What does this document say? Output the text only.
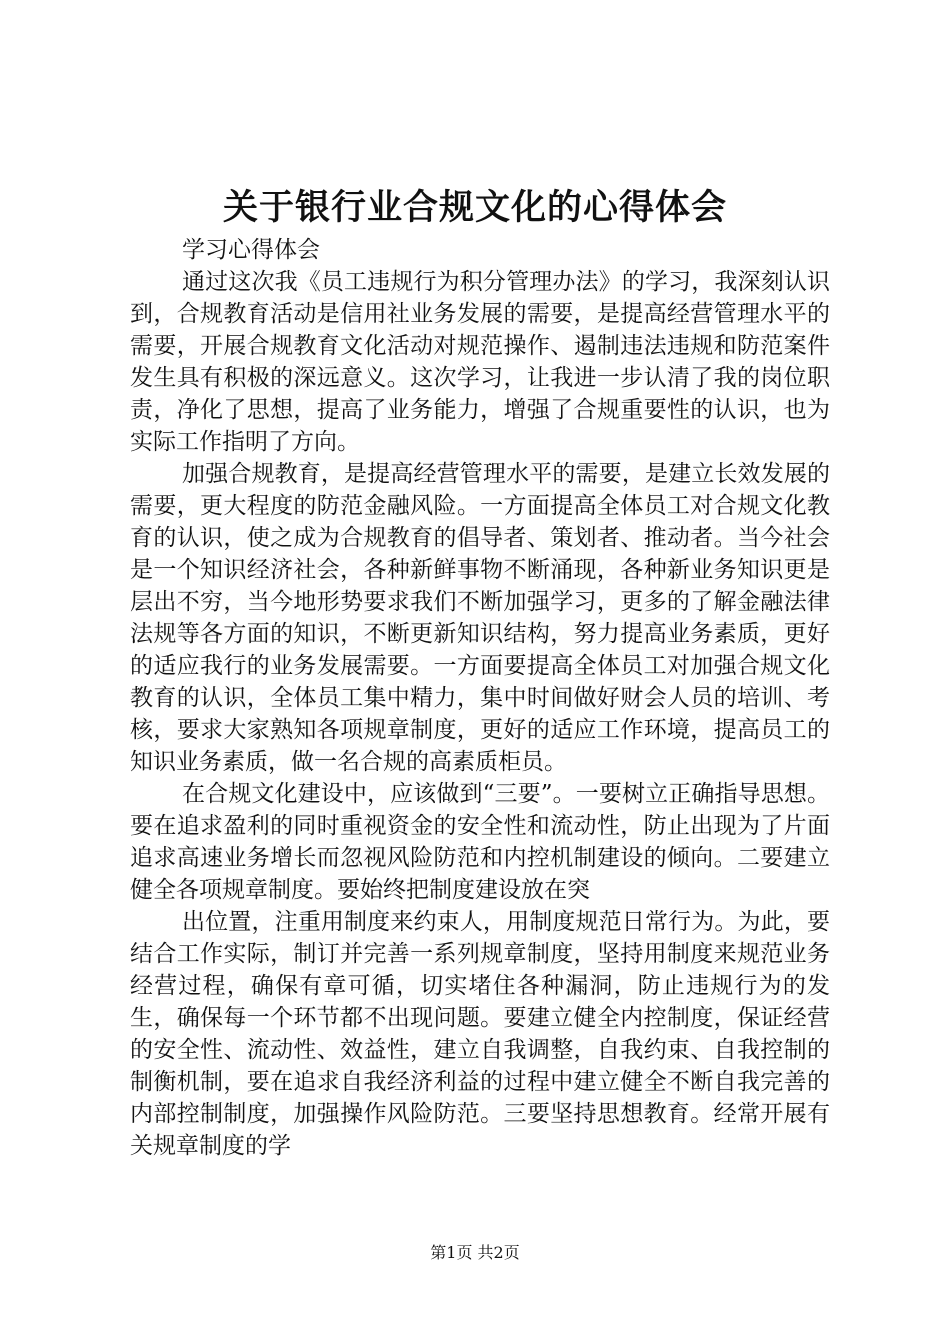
关于银行业合规文化的心得体会

学习心得体会

通过这次我《员工违规行为积分管理办法》的学习，我深刻认识到，合规教育活动是信用社业务发展的需要，是提高经营管理水平的需要，开展合规教育文化活动对规范操作、遏制违法违规和防范案件发生具有积极的深远意义。这次学习，让我进一步认清了我的岗位职责，净化了思想，提高了业务能力，增强了合规重要性的认识，也为实际工作指明了方向。

加强合规教育，是提高经营管理水平的需要，是建立长效发展的需要，更大程度的防范金融风险。一方面提高全体员工对合规文化教育的认识，使之成为合规教育的倡导者、策划者、推动者。当今社会是一个知识经济社会，各种新鲜事物不断涌现，各种新业务知识更是层出不穷，当今地形势要求我们不断加强学习，更多的了解金融法律法规等各方面的知识，不断更新知识结构，努力提高业务素质，更好的适应我行的业务发展需要。一方面要提高全体员工对加强合规文化教育的认识，全体员工集中精力，集中时间做好财会人员的培训、考核，要求大家熟知各项规章制度，更好的适应工作环境，提高员工的知识业务素质，做一名合规的高素质柜员。

在合规文化建设中，应该做到“三要”。一要树立正确指导思想。要在追求盈利的同时重视资金的安全性和流动性，防止出现为了片面追求高速业务增长而忽视风险防范和内控机制建设的倾向。二要建立健全各项规章制度。要始终把制度建设放在突

出位置，注重用制度来约束人，用制度规范日常行为。为此，要结合工作实际，制订并完善一系列规章制度，坚持用制度来规范业务经营过程，确保有章可循，切实堵住各种漏洞，防止违规行为的发生，确保每一个环节都不出现问题。要建立健全内控制度，保证经营的安全性、流动性、效益性，建立自我调整，自我约束、自我控制的制衡机制，要在追求自我经济利益的过程中建立健全不断自我完善的内部控制制度，加强操作风险防范。三要坚持思想教育。经常开展有关规章制度的学

第1页 共2页
